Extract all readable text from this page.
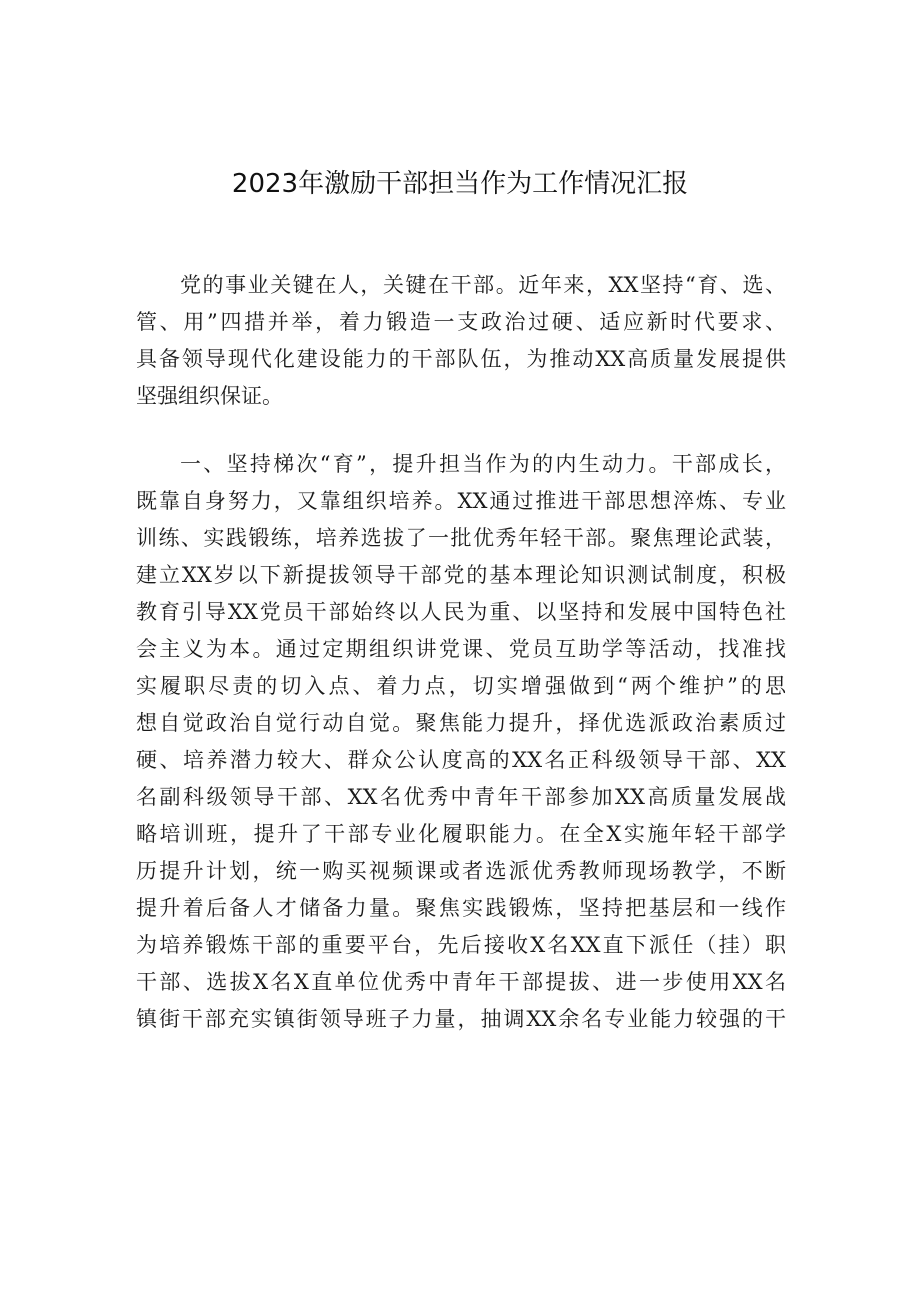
2023年激励干部担当作为工作情况汇报
党的事业关键在人，关键在干部。近年来，XX坚持“育、选、
管、用”四措并举，着力锻造一支政治过硬、适应新时代要求、
具备领导现代化建设能力的干部队伍，为推动XX高质量发展提供
坚强组织保证。
一、坚持梯次“育”，提升担当作为的内生动力。干部成长，
既靠自身努力，又靠组织培养。XX通过推进干部思想淬炼、专业
训练、实践锻练，培养选拔了一批优秀年轻干部。聚焦理论武装，
建立XX岁以下新提拔领导干部党的基本理论知识测试制度，积极
教育引导XX党员干部始终以人民为重、以坚持和发展中国特色社
会主义为本。通过定期组织讲党课、党员互助学等活动，找准找
实履职尽责的切入点、着力点，切实增强做到“两个维护”的思
想自觉政治自觉行动自觉。聚焦能力提升，择优选派政治素质过
硬、培养潜力较大、群众公认度高的XX名正科级领导干部、XX
名副科级领导干部、XX名优秀中青年干部参加XX高质量发展战
略培训班，提升了干部专业化履职能力。在全X实施年轻干部学
历提升计划，统一购买视频课或者选派优秀教师现场教学，不断
提升着后备人才储备力量。聚焦实践锻炼，坚持把基层和一线作
为培养锻炼干部的重要平台，先后接收X名XX直下派任（挂）职
干部、选拔X名X直单位优秀中青年干部提拔、进一步使用XX名
镇街干部充实镇街领导班子力量，抽调XX余名专业能力较强的干
